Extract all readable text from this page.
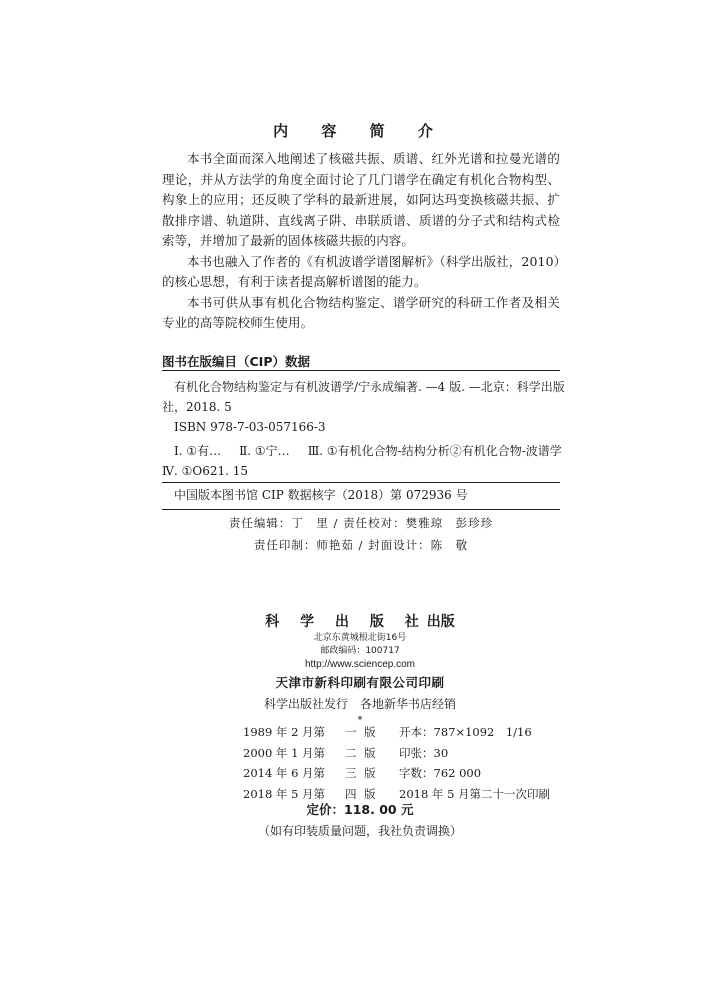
内 容 简 介

本书全面而深入地阐述了核磁共振、质谱、红外光谱和拉曼光谱的理论，并从方法学的角度全面讨论了几门谱学在确定有机化合物构型、构象上的应用；还反映了学科的最新进展，如阿达玛变换核磁共振、扩散排序谱、轨道阱、直线离子阱、串联质谱、质谱的分子式和结构式检索等，并增加了最新的固体核磁共振的内容。

本书也融入了作者的《有机波谱学谱图解析》（科学出版社，2010）的核心思想，有利于读者提高解析谱图的能力。

本书可供从事有机化合物结构鉴定、谱学研究的科研工作者及相关专业的高等院校师生使用。

图书在版编目（CIP）数据
有机化合物结构鉴定与有机波谱学/宁永成编著. —4 版. —北京：科学出版
社，2018. 5
ISBN 978-7-03-057166-3
Ⅰ. ①有… Ⅱ. ①宁… Ⅲ. ①有机化合物-结构分析②有机化合物-波谱学
Ⅳ. ①O621. 15
中国版本图书馆 CIP 数据核字（2018）第 072936 号
责任编辑：丁　里 / 责任校对：樊雅琼　彭珍珍
责任印制：师艳茹 / 封面设计：陈　敬
科 学 出 版 社出版
北京东黄城根北街16号
邮政编码：100717
http://www.sciencep.com
天津市新科印刷有限公司印刷
科学出版社发行 各地新华书店经销
*
1989 年 2 月第 一 版 开本：787×1092　1/16
2000 年 1 月第 二 版 印张：30
2014 年 6 月第 三 版 字数：762 000
2018 年 5 月第 四 版 2018 年 5 月第二十一次印刷
定价：118. 00 元
（如有印装质量问题，我社负责调换）
